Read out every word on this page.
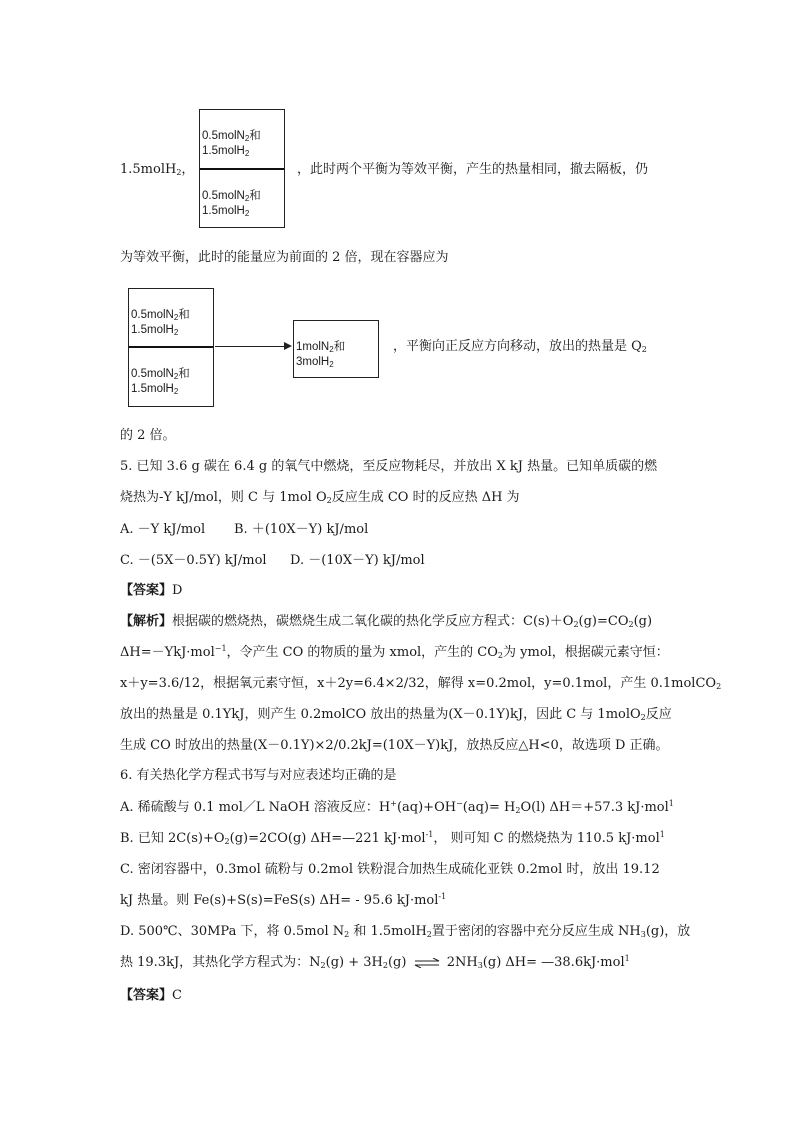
1.5molH$_2$，
0.5molN$_2$和
1.5molH$_2$
0.5molN$_2$和
1.5molH$_2$
，此时两个平衡为等效平衡，产生的热量相同，撤去隔板，仍
为等效平衡，此时的能量应为前面的 2 倍，现在容器应为
0.5molN$_2$和
1.5molH$_2$
0.5molN$_2$和
1.5molH$_2$
1molN$_2$和
3molH$_2$
，平衡向正反应方向移动，放出的热量是 $Q_2$
的 2 倍。
5. 已知 3.6 g 碳在 6.4 g 的氧气中燃烧，至反应物耗尽，并放出 X kJ 热量。已知单质碳的燃
烧热为-Y kJ/mol，则 C 与 1mol $O_2$反应生成 CO 时的反应热 ΔH 为
A. －Y kJ/mol B. ＋(10X－Y) kJ/mol
C. －(5X－0.5Y) kJ/mol D. －(10X－Y) kJ/mol
【答案】D
【解析】根据碳的燃烧热，碳燃烧生成二氧化碳的热化学反应方程式：$C(s)+O_2(g)=CO_2(g)$
ΔH=－YkJ·mol$^{-1}$，令产生 CO 的物质的量为 xmol，产生的 $CO_2$为 ymol，根据碳元素守恒：
x＋y=3.6/12，根据氧元素守恒，x＋2y=6.4×2/32，解得 x=0.2mol，y=0.1mol，产生 0.1molCO$_2$
放出的热量是 0.1YkJ，则产生 0.2molCO 放出的热量为(X－0.1Y)kJ，因此 C 与 1molO$_2$反应
生成 CO 时放出的热量(X－0.1Y)×2/0.2kJ=(10X－Y)kJ，放热反应△H<0，故选项 D 正确。
6. 有关热化学方程式书写与对应表述均正确的是
A. 稀硫酸与 0.1 mol／L NaOH 溶液反应：$H^+(aq)+OH^-(aq)= H_2O(l)$ ΔH＝+57.3 kJ·mol$^1$
B. 已知 $2C(s)+O_2(g)=2CO(g)$ ΔH=—221 kJ·mol$^{-1}$， 则可知 C 的燃烧热为 110.5 kJ·mol$^1$
C. 密闭容器中，0.3mol 硫粉与 0.2mol 铁粉混合加热生成硫化亚铁 0.2mol 时，放出 19.12
kJ 热量。则 Fe(s)+S(s)=FeS(s) ΔH= - 95.6 kJ·mol$^{-1}$
D. 500℃、30MPa 下，将 0.5mol $N_2$ 和 1.5molH$_2$置于密闭的容器中充分反应生成 $NH_3(g)$，放
热 19.3kJ，其热化学方程式为：$N_2(g) + 3H_2(g)$ ⇌ $2NH_3(g)$ ΔH= —38.6kJ·mol$^1$
【答案】C
